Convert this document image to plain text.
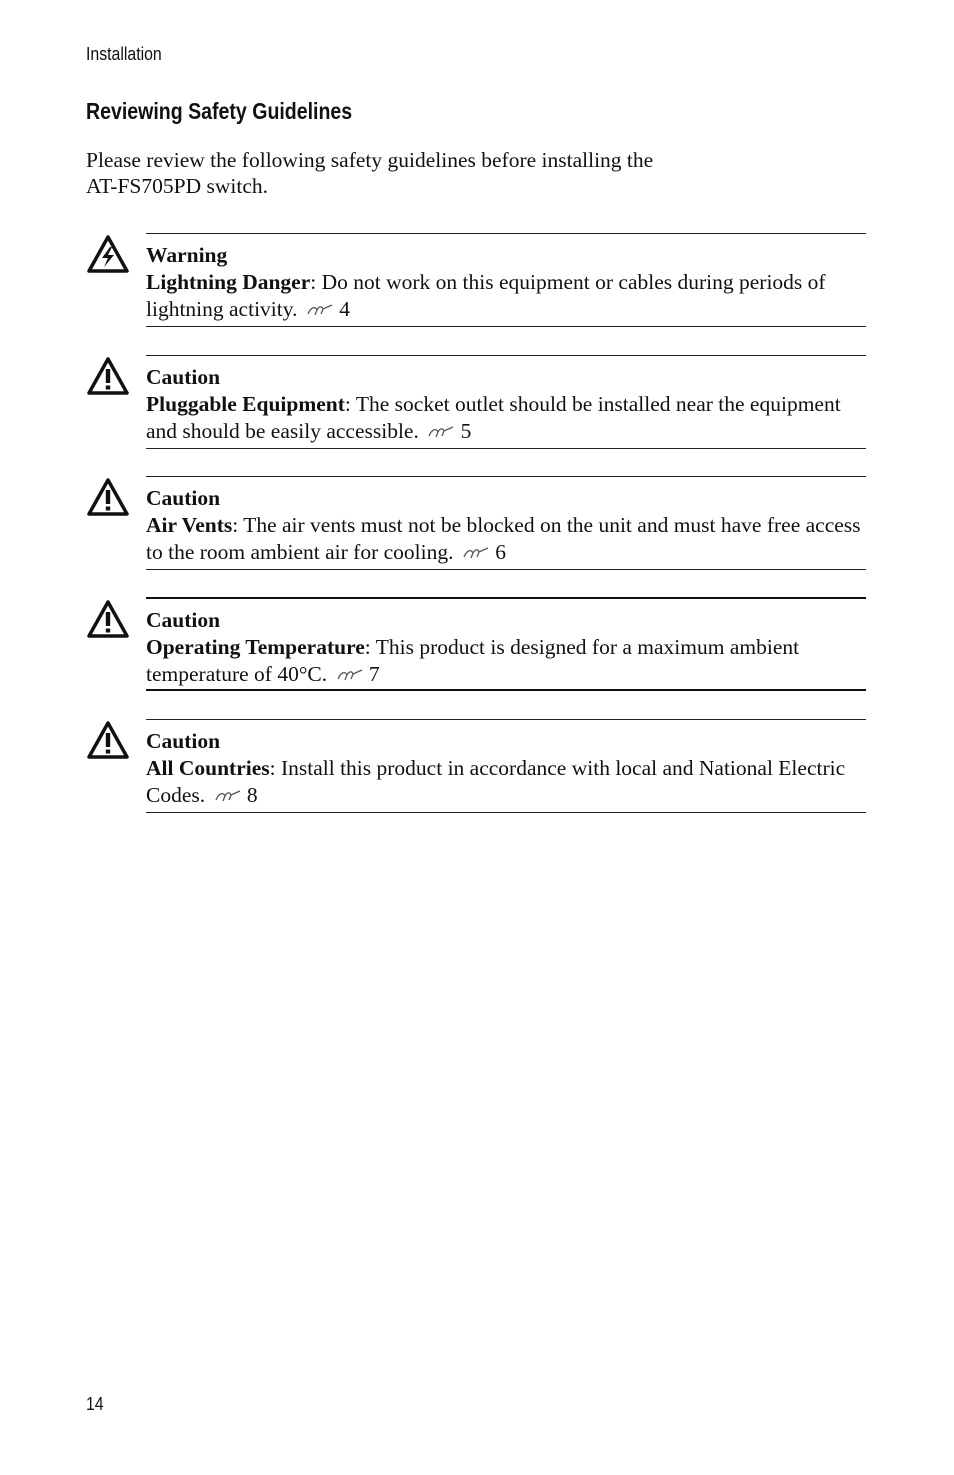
Installation
Reviewing Safety Guidelines

Please review the following safety guidelines before installing the
AT-FS705PD switch.

Warning
Lightning Danger: Do not work on this equipment or cables during periods of lightning activity. 4
Caution
Pluggable Equipment: The socket outlet should be installed near the equipment and should be easily accessible. 5
Caution
Air Vents: The air vents must not be blocked on the unit and must have free access to the room ambient air for cooling. 6
Caution
Operating Temperature: This product is designed for a maximum ambient temperature of 40°C. 7
Caution
All Countries: Install this product in accordance with local and National Electric Codes. 8
14
